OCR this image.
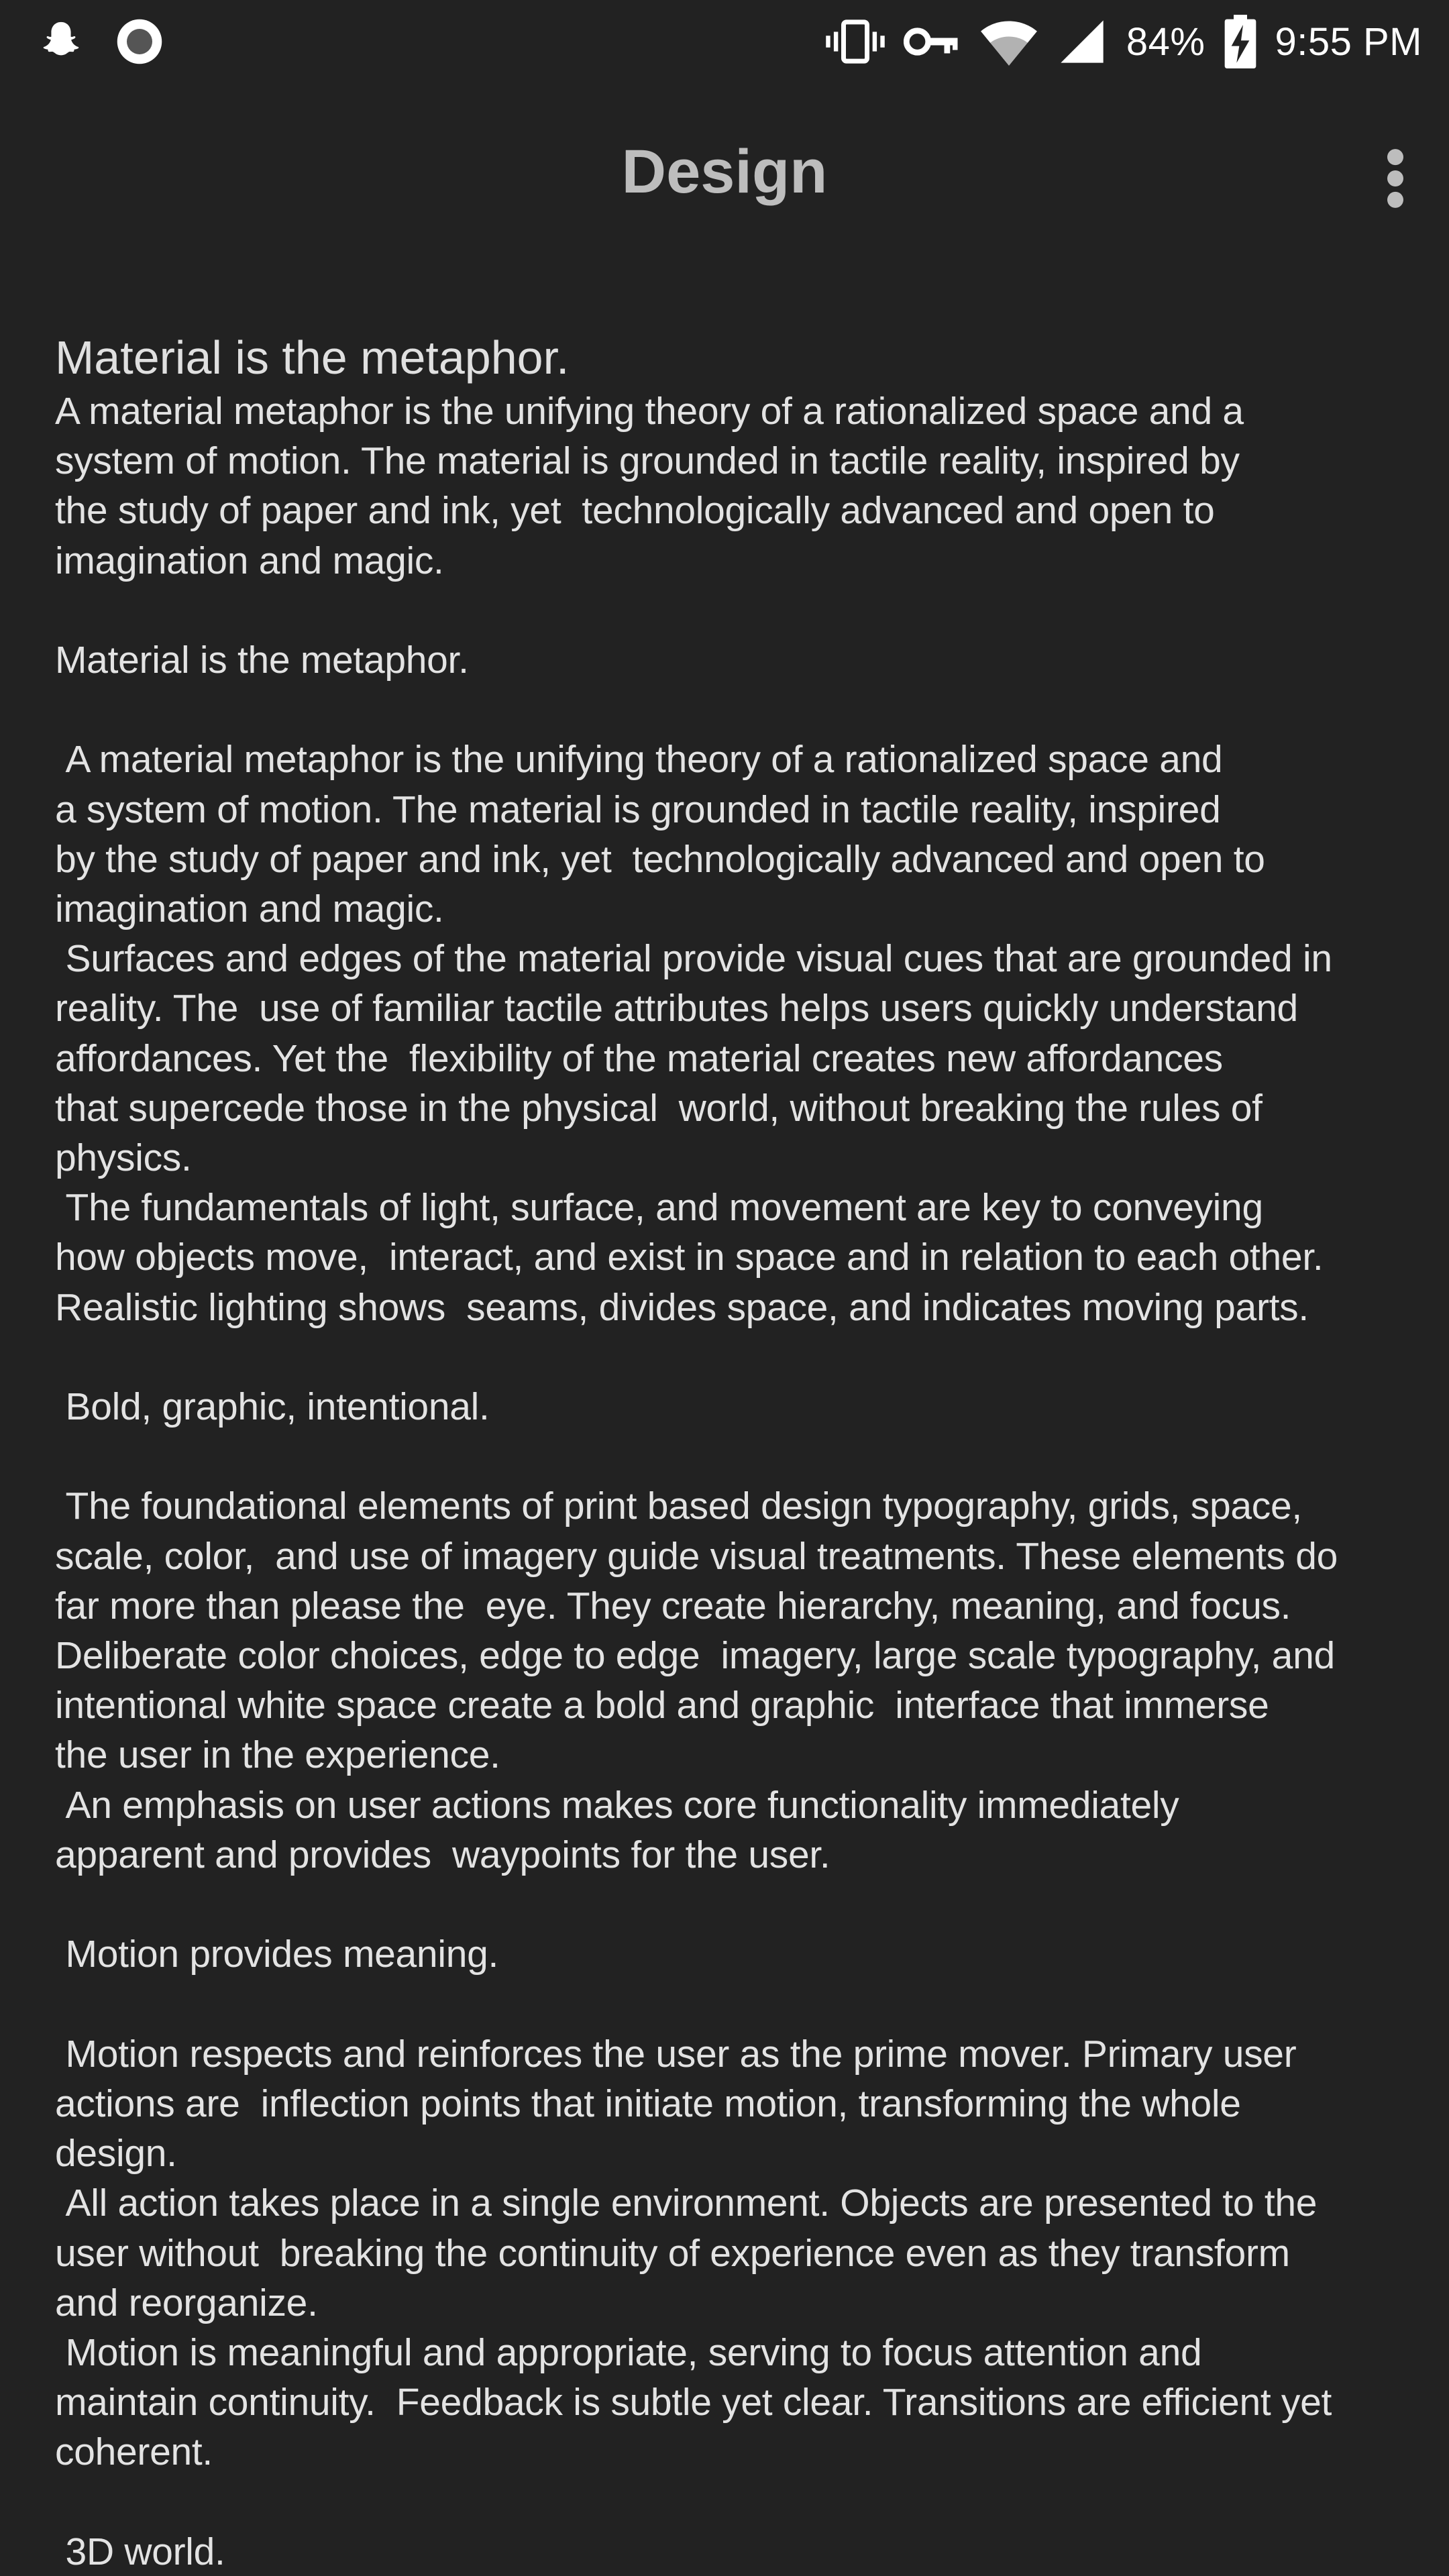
84% 9:55 PM
Design

Material is the metaphor.

A material metaphor is the unifying theory of a rationalized space and a
system of motion. The material is grounded in tactile reality, inspired by
the study of paper and ink, yet  technologically advanced and open to
imagination and magic.

Material is the metaphor.

A material metaphor is the unifying theory of a rationalized space and
a system of motion. The material is grounded in tactile reality, inspired
by the study of paper and ink, yet  technologically advanced and open to
imagination and magic.
Surfaces and edges of the material provide visual cues that are grounded in
reality. The  use of familiar tactile attributes helps users quickly understand
affordances. Yet the  flexibility of the material creates new affordances
that supercede those in the physical  world, without breaking the rules of
physics.
The fundamentals of light, surface, and movement are key to conveying
how objects move,  interact, and exist in space and in relation to each other.
Realistic lighting shows  seams, divides space, and indicates moving parts.

Bold, graphic, intentional.

The foundational elements of print based design typography, grids, space,
scale, color,  and use of imagery guide visual treatments. These elements do
far more than please the  eye. They create hierarchy, meaning, and focus.
Deliberate color choices, edge to edge  imagery, large scale typography, and
intentional white space create a bold and graphic  interface that immerse
the user in the experience.
An emphasis on user actions makes core functionality immediately
apparent and provides  waypoints for the user.

Motion provides meaning.

Motion respects and reinforces the user as the prime mover. Primary user
actions are  inflection points that initiate motion, transforming the whole
design.
All action takes place in a single environment. Objects are presented to the
user without  breaking the continuity of experience even as they transform
and reorganize.
Motion is meaningful and appropriate, serving to focus attention and
maintain continuity.  Feedback is subtle yet clear. Transitions are efficient yet
coherent.

3D world.
